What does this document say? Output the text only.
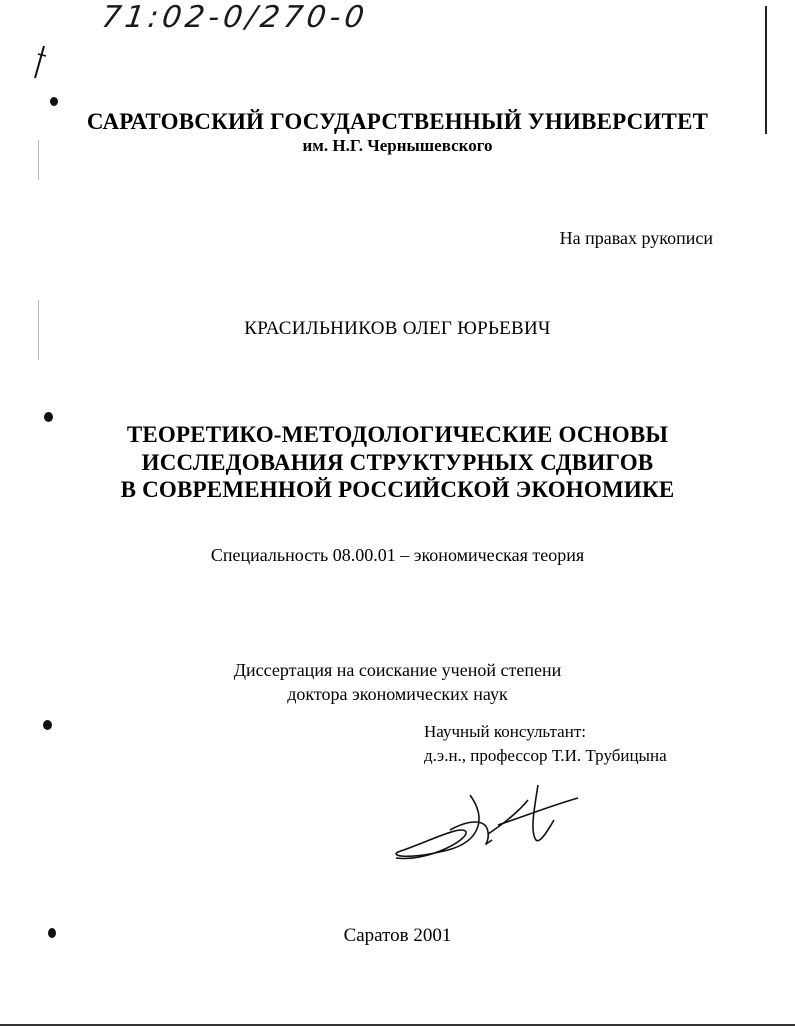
71:02-0/270-0
САРАТОВСКИЙ ГОСУДАРСТВЕННЫЙ УНИВЕРСИТЕТ
им. Н.Г. Чернышевского
На правах рукописи
КРАСИЛЬНИКОВ ОЛЕГ ЮРЬЕВИЧ
ТЕОРЕТИКО-МЕТОДОЛОГИЧЕСКИЕ ОСНОВЫ
ИССЛЕДОВАНИЯ СТРУКТУРНЫХ СДВИГОВ
В СОВРЕМЕННОЙ РОССИЙСКОЙ ЭКОНОМИКЕ
Специальность 08.00.01 – экономическая теория
Диссертация на соискание ученой степени
доктора экономических наук
Научный консультант:
д.э.н., профессор Т.И. Трубицына
Саратов 2001
